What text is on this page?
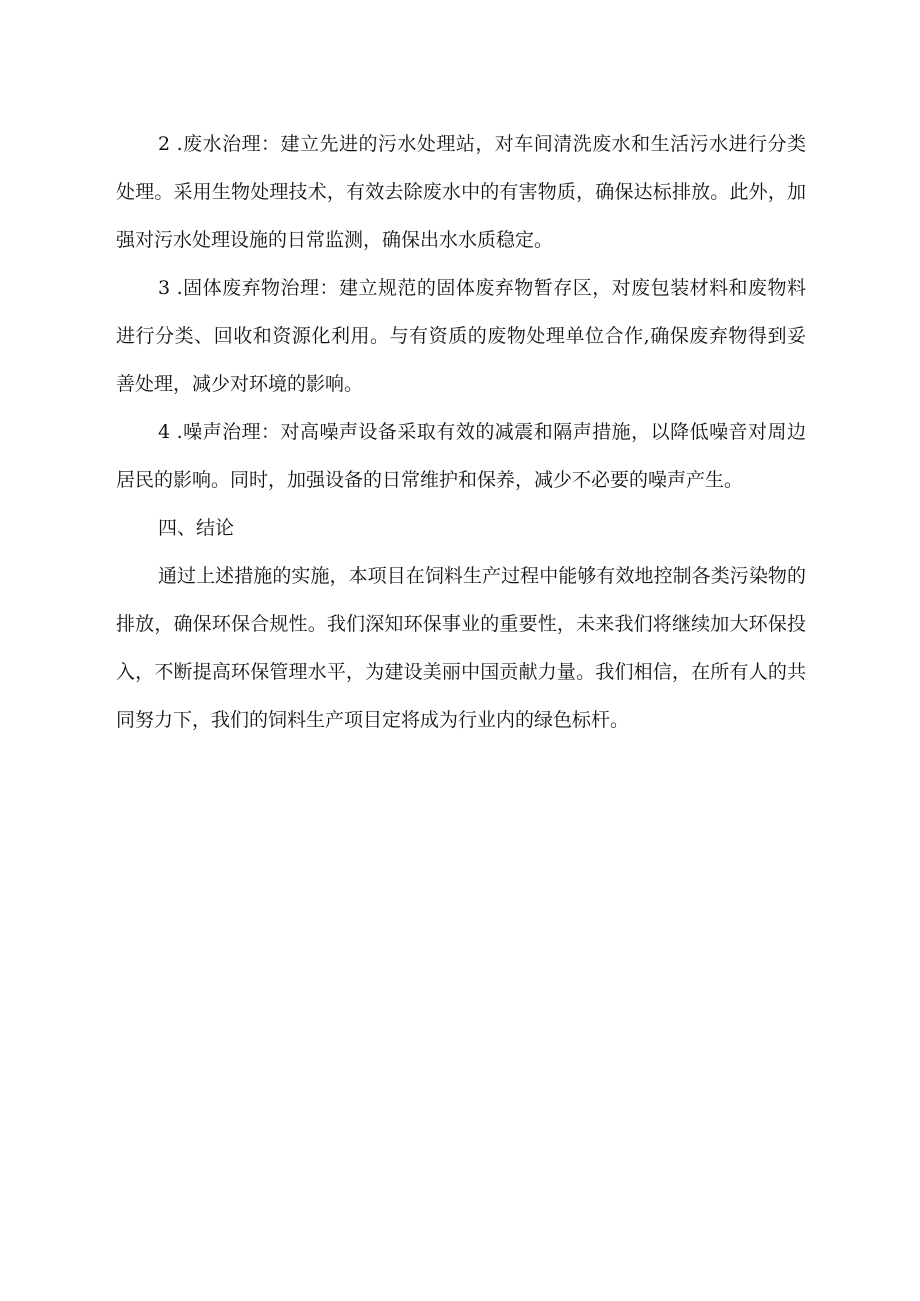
2 .废水治理：建立先进的污水处理站，对车间清洗废水和生活污水进行分类处理。采用生物处理技术，有效去除废水中的有害物质，确保达标排放。此外，加强对污水处理设施的日常监测，确保出水水质稳定。

3 .固体废弃物治理：建立规范的固体废弃物暂存区，对废包装材料和废物料进行分类、回收和资源化利用。与有资质的废物处理单位合作,确保废弃物得到妥善处理，减少对环境的影响。

4 .噪声治理：对高噪声设备采取有效的减震和隔声措施，以降低噪音对周边居民的影响。同时，加强设备的日常维护和保养，减少不必要的噪声产生。

四、结论

通过上述措施的实施，本项目在饲料生产过程中能够有效地控制各类污染物的排放，确保环保合规性。我们深知环保事业的重要性，未来我们将继续加大环保投入，不断提高环保管理水平，为建设美丽中国贡献力量。我们相信，在所有人的共同努力下，我们的饲料生产项目定将成为行业内的绿色标杆。
